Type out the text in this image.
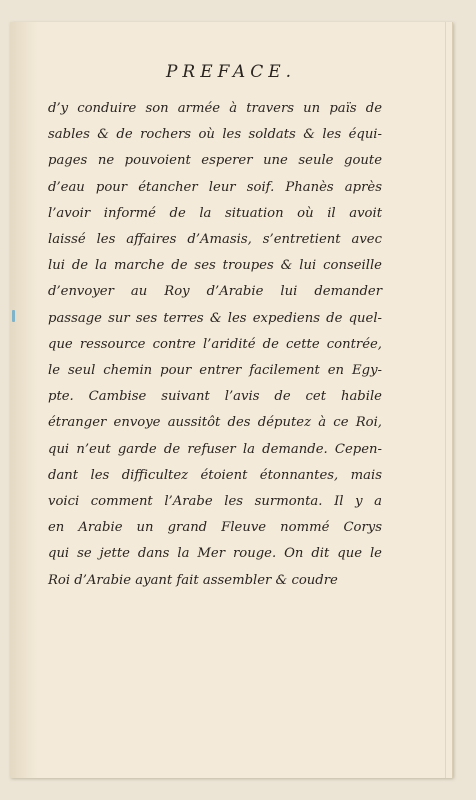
PREFACE.
d’y conduire son armée à travers un païs de
sables & de rochers où les soldats & les équi-
pages ne pouvoient esperer une seule goute
d’eau pour étancher leur soif. Phanès après
l’avoir informé de la situation où il avoit
laissé les affaires d’Amasis, s’entretient avec
lui de la marche de ses troupes & lui conseille
d’envoyer au Roy d’Arabie lui demander
passage sur ses terres & les expediens de quel-
que ressource contre l’aridité de cette contrée,
le seul chemin pour entrer facilement en Egy-
pte. Cambise suivant l’avis de cet habile
étranger envoye aussitôt des députez à ce Roi,
qui n’eut garde de refuser la demande. Cepen-
dant les difficultez étoient étonnantes, mais
voici comment l’Arabe les surmonta. Il y a
en Arabie un grand Fleuve nommé Corys
qui se jette dans la Mer rouge. On dit que le
Roi d’Arabie ayant fait assembler & coudre
